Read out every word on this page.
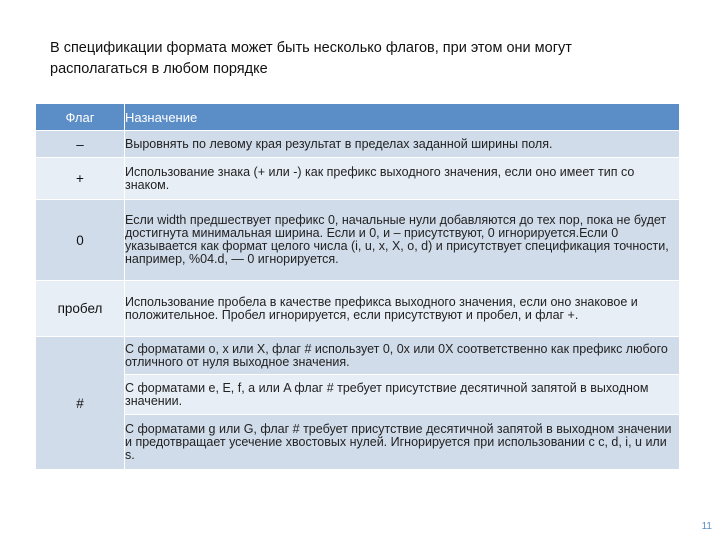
В спецификации формата может быть несколько флагов, при этом они могут
располагаться в любом порядке
Флаг	Назначение
–	Выровнять по левому края результат в пределах заданной ширины поля.
+	Использование знака (+ или -) как префикс выходного значения, если оно имеет тип со знаком.
0	Если width предшествует префикс 0, начальные нули добавляются до тех пор, пока не будет достигнута минимальная ширина. Если и 0, и – присутствуют, 0 игнорируется.Если 0 указывается как формат целого числа (i, u, x, X, o, d) и присутствует спецификация точности, например, %04.d, — 0 игнорируется.
пробел	Использование пробела в качестве префикса выходного значения, если оно знаковое и положительное. Пробел игнорируется, если присутствуют и пробел, и флаг +.
#	С форматами o, x или X, флаг # использует 0, 0x или 0X соответственно как префикс любого отличного от нуля выходное значения.
	С форматами e, E, f, a или A флаг # требует присутствие десятичной запятой в выходном значении.
	С форматами g или G, флаг # требует присутствие десятичной запятой в выходном значении и предотвращает усечение хвостовых нулей. Игнорируется при использовании с c, d, i, u или s.
11
